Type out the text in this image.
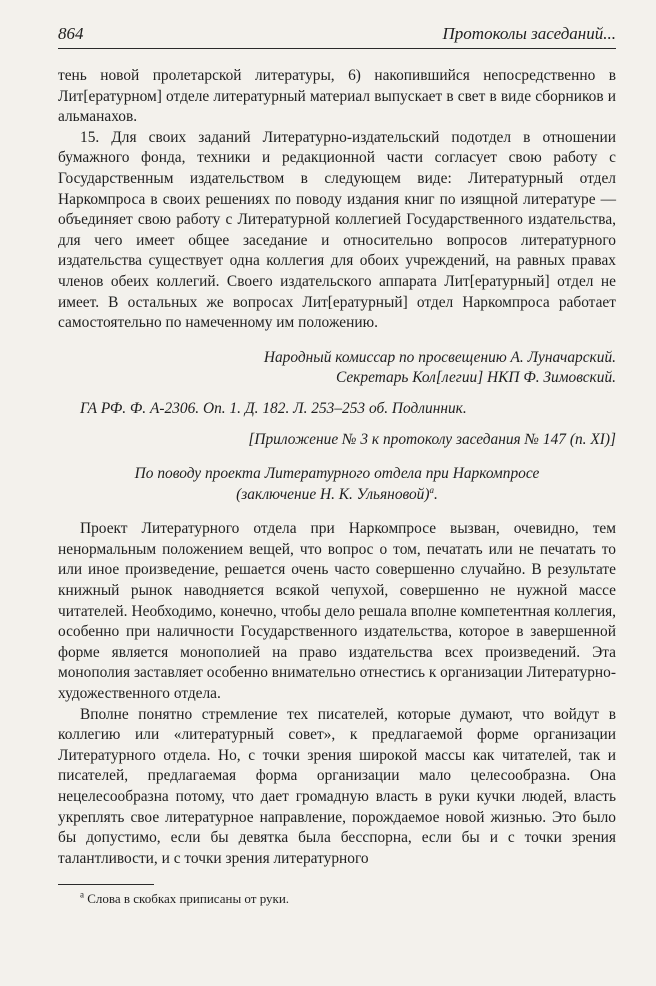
864	Протоколы заседаний...

тень новой пролетарской литературы, 6) накопившийся непосредственно в Лит[ературном] отделе литературный материал выпускает в свет в виде сборников и альманахов.

15. Для своих заданий Литературно-издательский подотдел в отношении бумажного фонда, техники и редакционной части согласует свою работу с Государственным издательством в следующем виде: Литературный отдел Наркомпроса в своих решениях по поводу издания книг по изящной литературе — объединяет свою работу с Литературной коллегией Государственного издательства, для чего имеет общее заседание и относительно вопросов литературного издательства существует одна коллегия для обоих учреждений, на равных правах членов обеих коллегий. Своего издательского аппарата Лит[ературный] отдел не имеет. В остальных же вопросах Лит[ературный] отдел Наркомпроса работает самостоятельно по намеченному им положению.

Народный комиссар по просвещению А. Луначарский.

Секретарь Кол[легии] НКП Ф. Зимовский.

ГА РФ. Ф. А-2306. Оп. 1. Д. 182. Л. 253–253 об. Подлинник.

[Приложение № 3 к протоколу заседания № 147 (п. XI)]

По поводу проекта Литературного отдела при Наркомпросе

(заключение Н. К. Ульяновой)$^а$.

Проект Литературного отдела при Наркомпросе вызван, очевидно, тем ненормальным положением вещей, что вопрос о том, печатать или не печатать то или иное произведение, решается очень часто совершенно случайно. В результате книжный рынок наводняется всякой чепухой, совершенно не нужной массе читателей. Необходимо, конечно, чтобы дело решала вполне компетентная коллегия, особенно при наличности Государственного издательства, которое в завершенной форме является монополией на право издательства всех произведений. Эта монополия заставляет особенно внимательно отнестись к организации Литературно-художественного отдела.

Вполне понятно стремление тех писателей, которые думают, что войдут в коллегию или «литературный совет», к предлагаемой форме организации Литературного отдела. Но, с точки зрения широкой массы как читателей, так и писателей, предлагаемая форма организации мало целесообразна. Она нецелесообразна потому, что дает громадную власть в руки кучки людей, власть укреплять свое литературное направление, порождаемое новой жизнью. Это было бы допустимо, если бы девятка была бесспорна, если бы и с точки зрения талантливости, и с точки зрения литературного

$^а$ Слова в скобках приписаны от руки.
